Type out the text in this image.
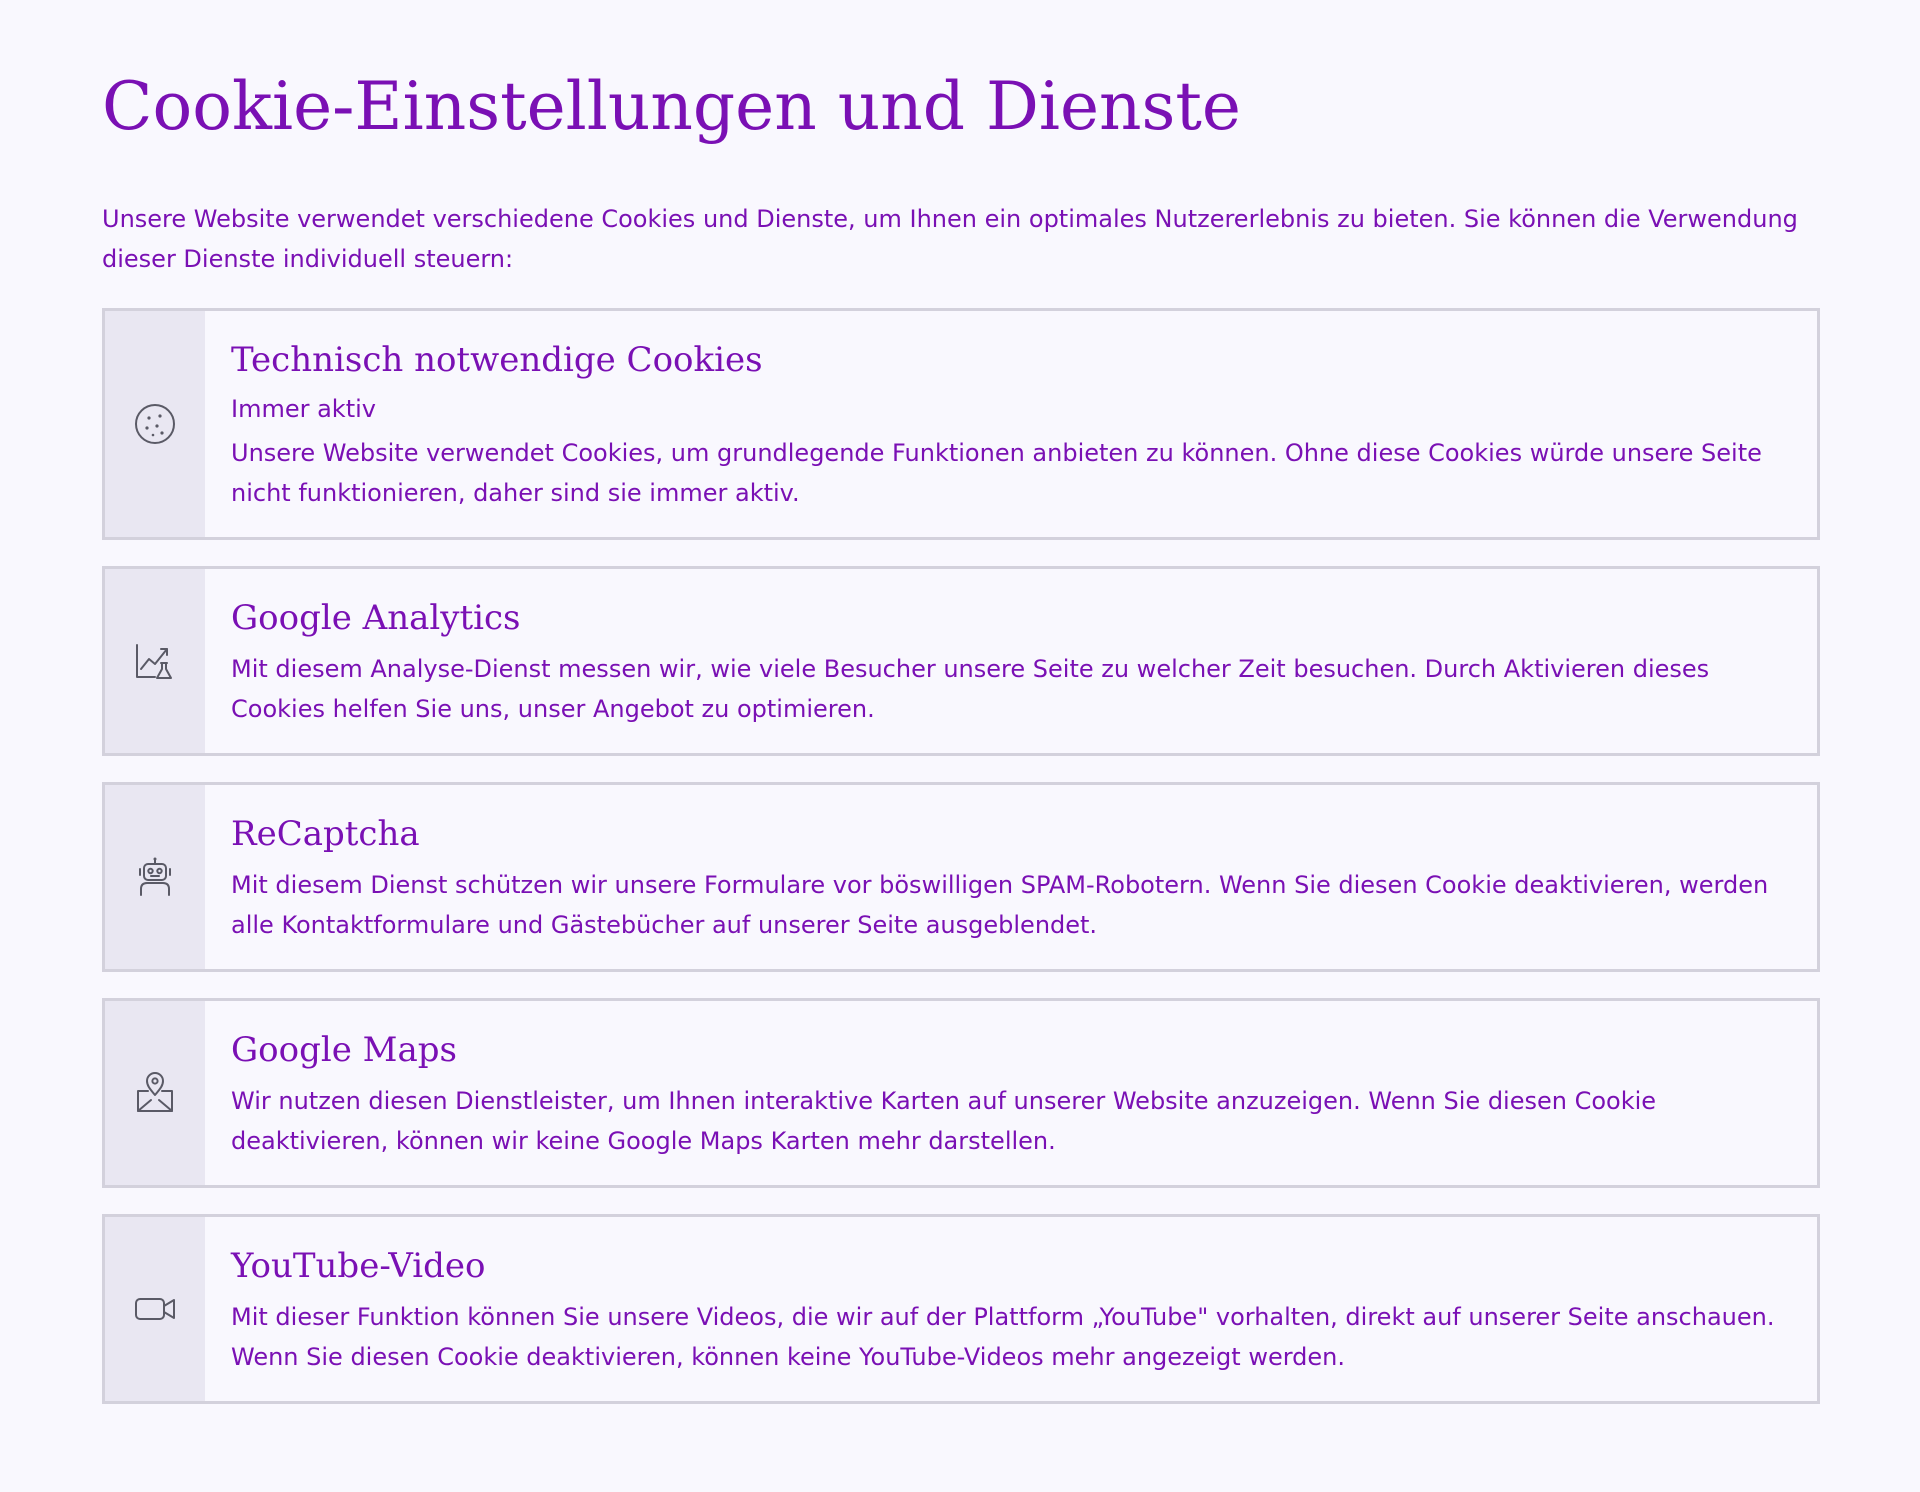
Cookie-Einstellungen und Dienste

Unsere Website verwendet verschiedene Cookies und Dienste, um Ihnen ein optimales Nutzererlebnis zu bieten. Sie können die Verwendung dieser Dienste individuell steuern:

Technisch notwendige Cookies
Immer aktiv

Unsere Website verwendet Cookies, um grundlegende Funktionen anbieten zu können. Ohne diese Cookies würde unsere Seite nicht funktionieren, daher sind sie immer aktiv.

Google Analytics

Mit diesem Analyse-Dienst messen wir, wie viele Besucher unsere Seite zu welcher Zeit besuchen. Durch Aktivieren dieses Cookies helfen Sie uns, unser Angebot zu optimieren.

ReCaptcha

Mit diesem Dienst schützen wir unsere Formulare vor böswilligen SPAM-Robotern. Wenn Sie diesen Cookie deaktivieren, werden alle Kontaktformulare und Gästebücher auf unserer Seite ausgeblendet.

Google Maps

Wir nutzen diesen Dienstleister, um Ihnen interaktive Karten auf unserer Website anzuzeigen. Wenn Sie diesen Cookie deaktivieren, können wir keine Google Maps Karten mehr darstellen.

YouTube-Video

Mit dieser Funktion können Sie unsere Videos, die wir auf der Plattform „YouTube" vorhalten, direkt auf unserer Seite anschauen. Wenn Sie diesen Cookie deaktivieren, können keine YouTube-Videos mehr angezeigt werden.
